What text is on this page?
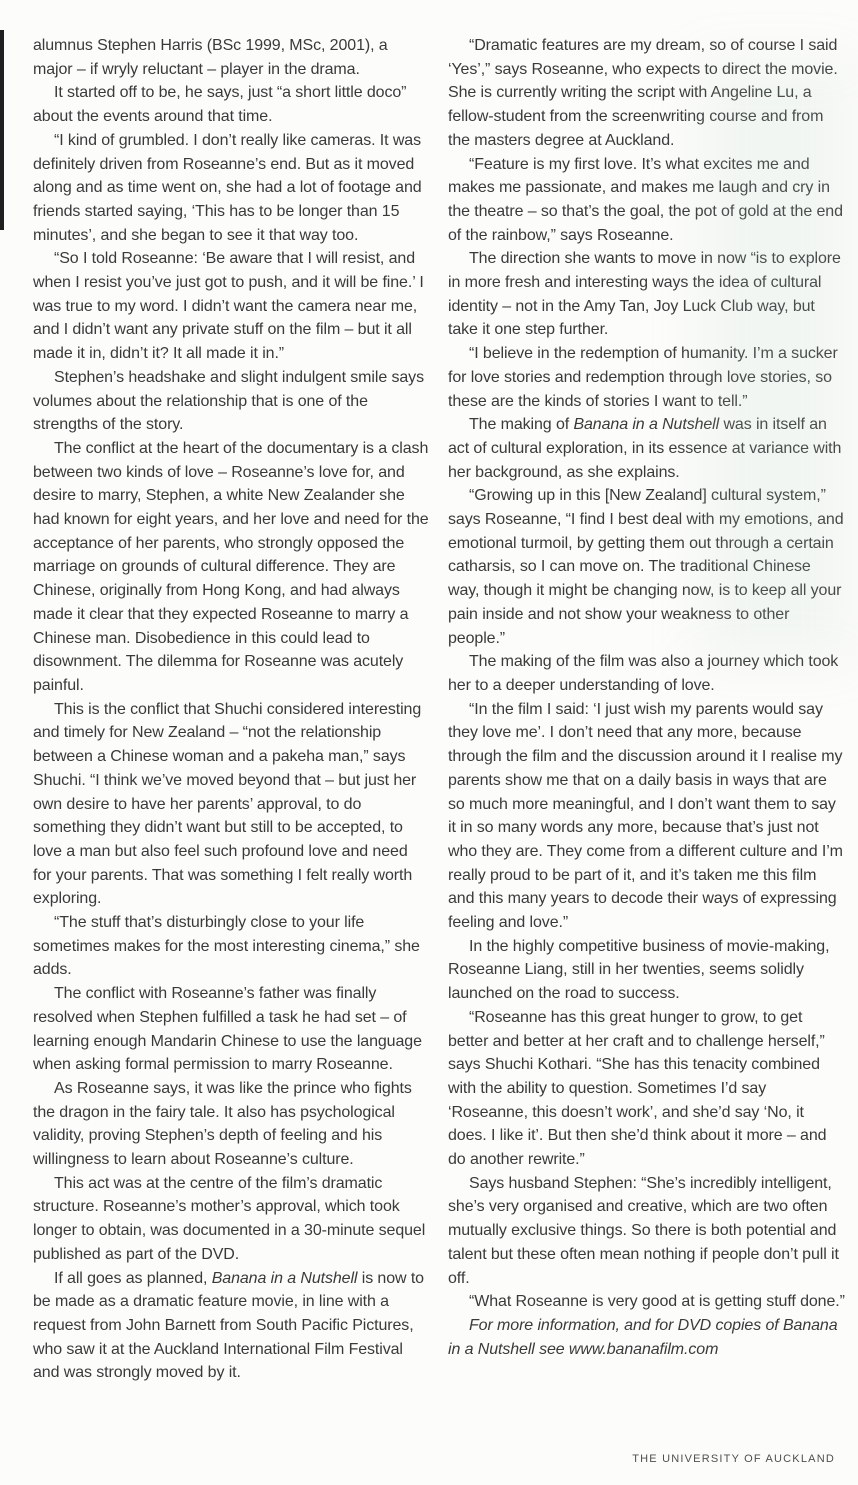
alumnus Stephen Harris (BSc 1999, MSc, 2001), a major – if wryly reluctant – player in the drama.

It started off to be, he says, just “a short little doco” about the events around that time.

“I kind of grumbled. I don’t really like cameras. It was definitely driven from Roseanne’s end. But as it moved along and as time went on, she had a lot of footage and friends started saying, ‘This has to be longer than 15 minutes’, and she began to see it that way too.

“So I told Roseanne: ‘Be aware that I will resist, and when I resist you’ve just got to push, and it will be fine.’ I was true to my word. I didn’t want the camera near me, and I didn’t want any private stuff on the film – but it all made it in, didn’t it? It all made it in.”

Stephen’s headshake and slight indulgent smile says volumes about the relationship that is one of the strengths of the story.

The conflict at the heart of the documentary is a clash between two kinds of love – Roseanne’s love for, and desire to marry, Stephen, a white New Zealander she had known for eight years, and her love and need for the acceptance of her parents, who strongly opposed the marriage on grounds of cultural difference. They are Chinese, originally from Hong Kong, and had always made it clear that they expected Roseanne to marry a Chinese man. Disobedience in this could lead to disownment. The dilemma for Roseanne was acutely painful.

This is the conflict that Shuchi considered interesting and timely for New Zealand – “not the relationship between a Chinese woman and a pakeha man,” says Shuchi. “I think we’ve moved beyond that – but just her own desire to have her parents’ approval, to do something they didn’t want but still to be accepted, to love a man but also feel such profound love and need for your parents. That was something I felt really worth exploring.

“The stuff that’s disturbingly close to your life sometimes makes for the most interesting cinema,” she adds.

The conflict with Roseanne’s father was finally resolved when Stephen fulfilled a task he had set – of learning enough Mandarin Chinese to use the language when asking formal permission to marry Roseanne.

As Roseanne says, it was like the prince who fights the dragon in the fairy tale. It also has psychological validity, proving Stephen’s depth of feeling and his willingness to learn about Roseanne’s culture.

This act was at the centre of the film’s dramatic structure. Roseanne’s mother’s approval, which took longer to obtain, was documented in a 30-minute sequel published as part of the DVD.

If all goes as planned, Banana in a Nutshell is now to be made as a dramatic feature movie, in line with a request from John Barnett from South Pacific Pictures, who saw it at the Auckland International Film Festival and was strongly moved by it.

“Dramatic features are my dream, so of course I said ‘Yes’,” says Roseanne, who expects to direct the movie. She is currently writing the script with Angeline Lu, a fellow-student from the screenwriting course and from the masters degree at Auckland.

“Feature is my first love. It’s what excites me and makes me passionate, and makes me laugh and cry in the theatre – so that’s the goal, the pot of gold at the end of the rainbow,” says Roseanne.

The direction she wants to move in now “is to explore in more fresh and interesting ways the idea of cultural identity – not in the Amy Tan, Joy Luck Club way, but take it one step further.

“I believe in the redemption of humanity. I’m a sucker for love stories and redemption through love stories, so these are the kinds of stories I want to tell.”

The making of Banana in a Nutshell was in itself an act of cultural exploration, in its essence at variance with her background, as she explains.

“Growing up in this [New Zealand] cultural system,” says Roseanne, “I find I best deal with my emotions, and emotional turmoil, by getting them out through a certain catharsis, so I can move on. The traditional Chinese way, though it might be changing now, is to keep all your pain inside and not show your weakness to other people.”

The making of the film was also a journey which took her to a deeper understanding of love.

“In the film I said: ‘I just wish my parents would say they love me’. I don’t need that any more, because through the film and the discussion around it I realise my parents show me that on a daily basis in ways that are so much more meaningful, and I don’t want them to say it in so many words any more, because that’s just not who they are. They come from a different culture and I’m really proud to be part of it, and it’s taken me this film and this many years to decode their ways of expressing feeling and love.”

In the highly competitive business of movie-making, Roseanne Liang, still in her twenties, seems solidly launched on the road to success.

“Roseanne has this great hunger to grow, to get better and better at her craft and to challenge herself,” says Shuchi Kothari. “She has this tenacity combined with the ability to question. Sometimes I’d say ‘Roseanne, this doesn’t work’, and she’d say ‘No, it does. I like it’. But then she’d think about it more – and do another rewrite.”

Says husband Stephen: “She’s incredibly intelligent, she’s very organised and creative, which are two often mutually exclusive things. So there is both potential and talent but these often mean nothing if people don’t pull it off.

“What Roseanne is very good at is getting stuff done.”

For more information, and for DVD copies of Banana in a Nutshell see www.bananafilm.com

THE UNIVERSITY OF AUCKLAND
